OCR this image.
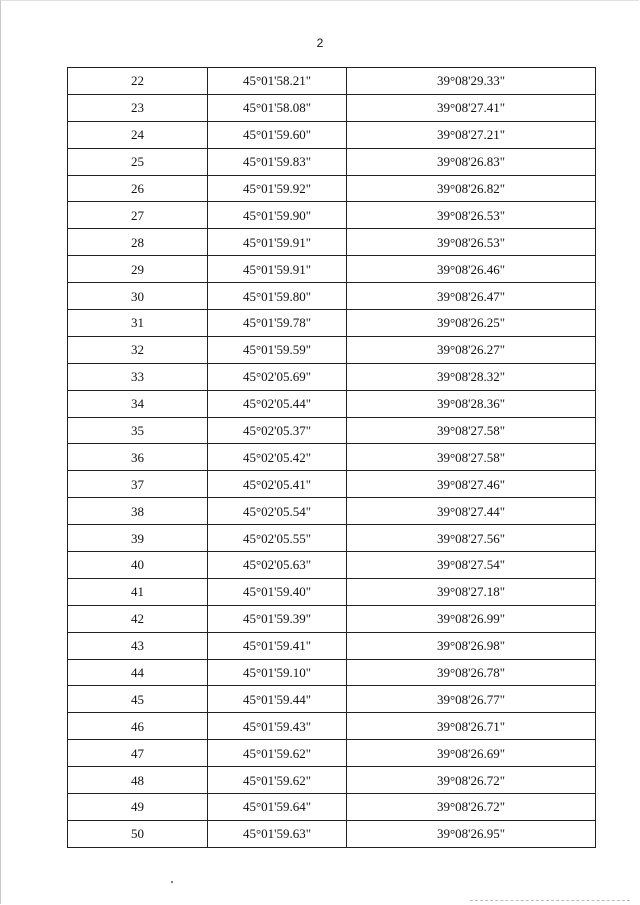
2
22	45°01'58.21"	39°08'29.33"
23	45°01'58.08"	39°08'27.41"
24	45°01'59.60"	39°08'27.21"
25	45°01'59.83"	39°08'26.83"
26	45°01'59.92"	39°08'26.82"
27	45°01'59.90"	39°08'26.53"
28	45°01'59.91"	39°08'26.53"
29	45°01'59.91"	39°08'26.46"
30	45°01'59.80"	39°08'26.47"
31	45°01'59.78"	39°08'26.25"
32	45°01'59.59"	39°08'26.27"
33	45°02'05.69"	39°08'28.32"
34	45°02'05.44"	39°08'28.36"
35	45°02'05.37"	39°08'27.58"
36	45°02'05.42"	39°08'27.58"
37	45°02'05.41"	39°08'27.46"
38	45°02'05.54"	39°08'27.44"
39	45°02'05.55"	39°08'27.56"
40	45°02'05.63"	39°08'27.54"
41	45°01'59.40"	39°08'27.18"
42	45°01'59.39"	39°08'26.99"
43	45°01'59.41"	39°08'26.98"
44	45°01'59.10"	39°08'26.78"
45	45°01'59.44"	39°08'26.77"
46	45°01'59.43"	39°08'26.71"
47	45°01'59.62"	39°08'26.69"
48	45°01'59.62"	39°08'26.72"
49	45°01'59.64"	39°08'26.72"
50	45°01'59.63"	39°08'26.95"
